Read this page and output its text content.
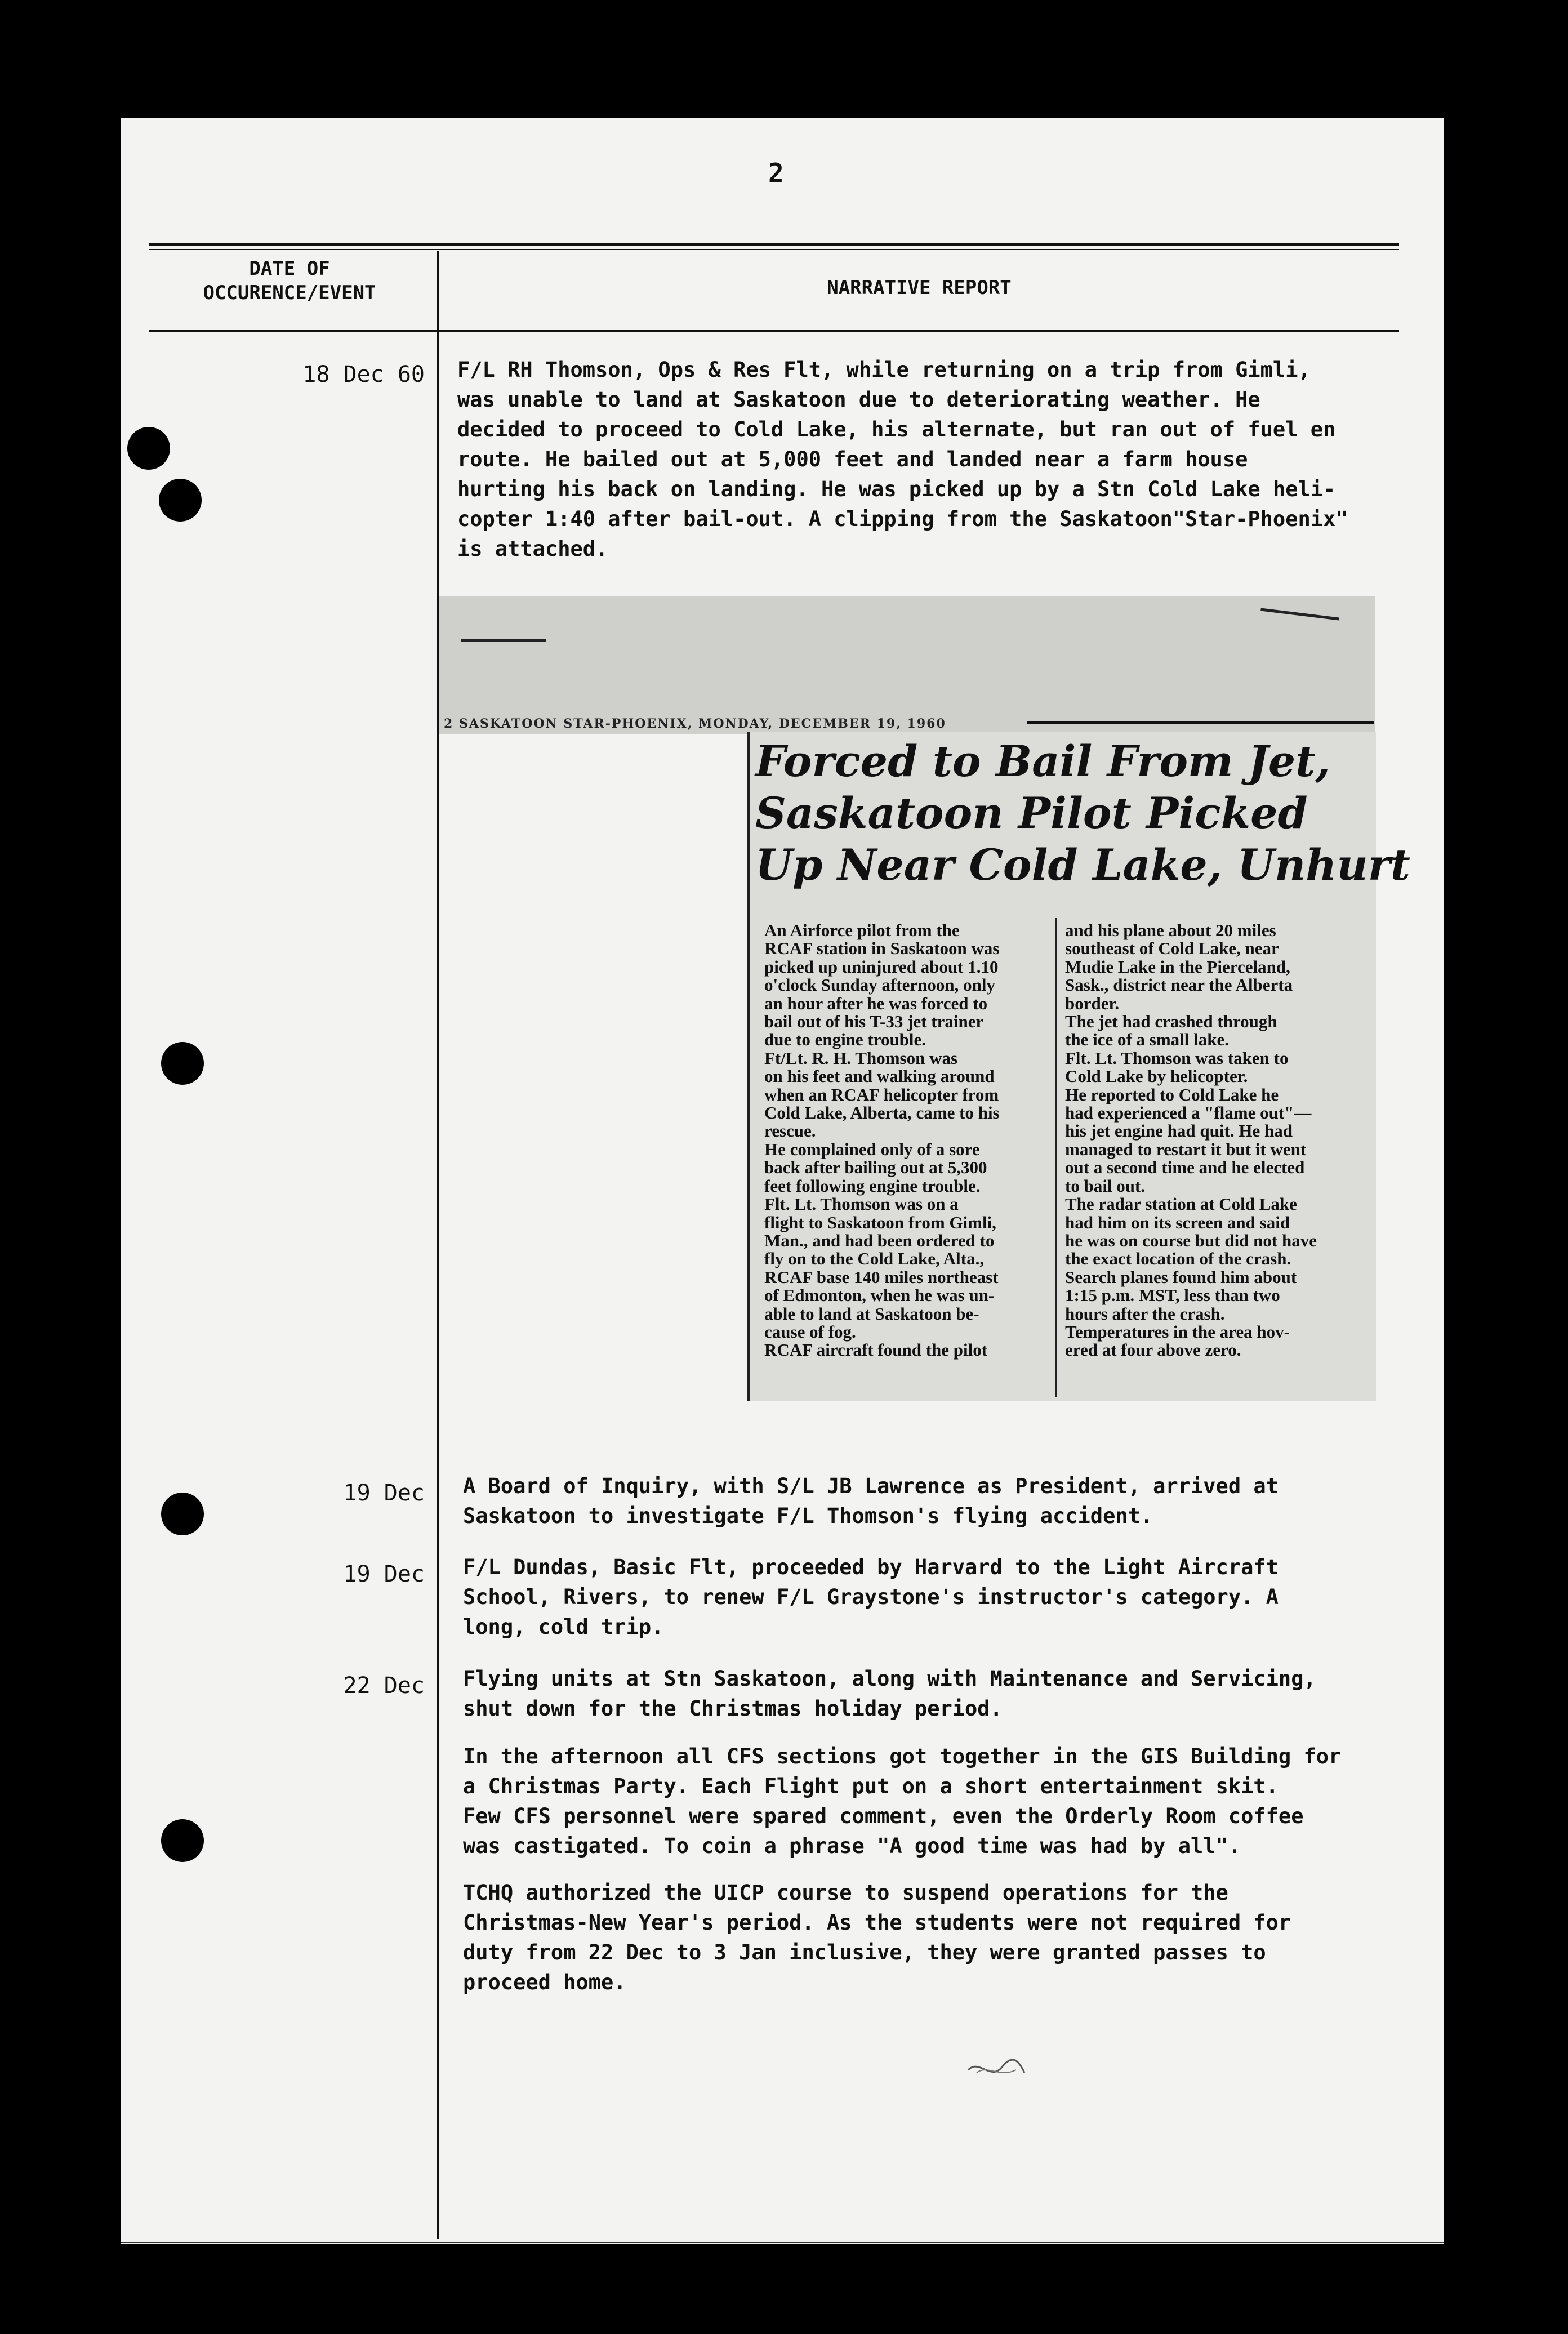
2
DATE OF
OCCURENCE/EVENT	NARRATIVE REPORT
18 Dec 60 F/L RH Thomson, Ops & Res Flt, while returning on a trip from Gimli,
was unable to land at Saskatoon due to deteriorating weather. He
decided to proceed to Cold Lake, his alternate, but ran out of fuel en
route. He bailed out at 5,000 feet and landed near a farm house
hurting his back on landing. He was picked up by a Stn Cold Lake heli-
copter 1:40 after bail-out. A clipping from the Saskatoon"Star-Phoenix"
is attached.
2 SASKATOON STAR-PHOENIX, MONDAY, DECEMBER 19, 1960
Forced to Bail From Jet,
Saskatoon Pilot Picked
Up Near Cold Lake, Unhurt
An Airforce pilot from the
RCAF station in Saskatoon was
picked up uninjured about 1.10
o'clock Sunday afternoon, only
an hour after he was forced to
bail out of his T-33 jet trainer
due to engine trouble.
Ft/Lt. R. H. Thomson was
on his feet and walking around
when an RCAF helicopter from
Cold Lake, Alberta, came to his
rescue.
He complained only of a sore
back after bailing out at 5,300
feet following engine trouble.
Flt. Lt. Thomson was on a
flight to Saskatoon from Gimli,
Man., and had been ordered to
fly on to the Cold Lake, Alta.,
RCAF base 140 miles northeast
of Edmonton, when he was un-
able to land at Saskatoon be-
cause of fog.
RCAF aircraft found the pilot
and his plane about 20 miles
southeast of Cold Lake, near
Mudie Lake in the Pierceland,
Sask., district near the Alberta
border.
The jet had crashed through
the ice of a small lake.
Flt. Lt. Thomson was taken to
Cold Lake by helicopter.
He reported to Cold Lake he
had experienced a "flame out"—
his jet engine had quit. He had
managed to restart it but it went
out a second time and he elected
to bail out.
The radar station at Cold Lake
had him on its screen and said
he was on course but did not have
the exact location of the crash.
Search planes found him about
1:15 p.m. MST, less than two
hours after the crash.
Temperatures in the area hov-
ered at four above zero.
19 Dec A Board of Inquiry, with S/L JB Lawrence as President, arrived at
Saskatoon to investigate F/L Thomson's flying accident.
19 Dec F/L Dundas, Basic Flt, proceeded by Harvard to the Light Aircraft
School, Rivers, to renew F/L Graystone's instructor's category. A
long, cold trip.
22 Dec Flying units at Stn Saskatoon, along with Maintenance and Servicing,
shut down for the Christmas holiday period.
In the afternoon all CFS sections got together in the GIS Building for
a Christmas Party. Each Flight put on a short entertainment skit.
Few CFS personnel were spared comment, even the Orderly Room coffee
was castigated. To coin a phrase "A good time was had by all".
TCHQ authorized the UICP course to suspend operations for the
Christmas-New Year's period. As the students were not required for
duty from 22 Dec to 3 Jan inclusive, they were granted passes to
proceed home.
